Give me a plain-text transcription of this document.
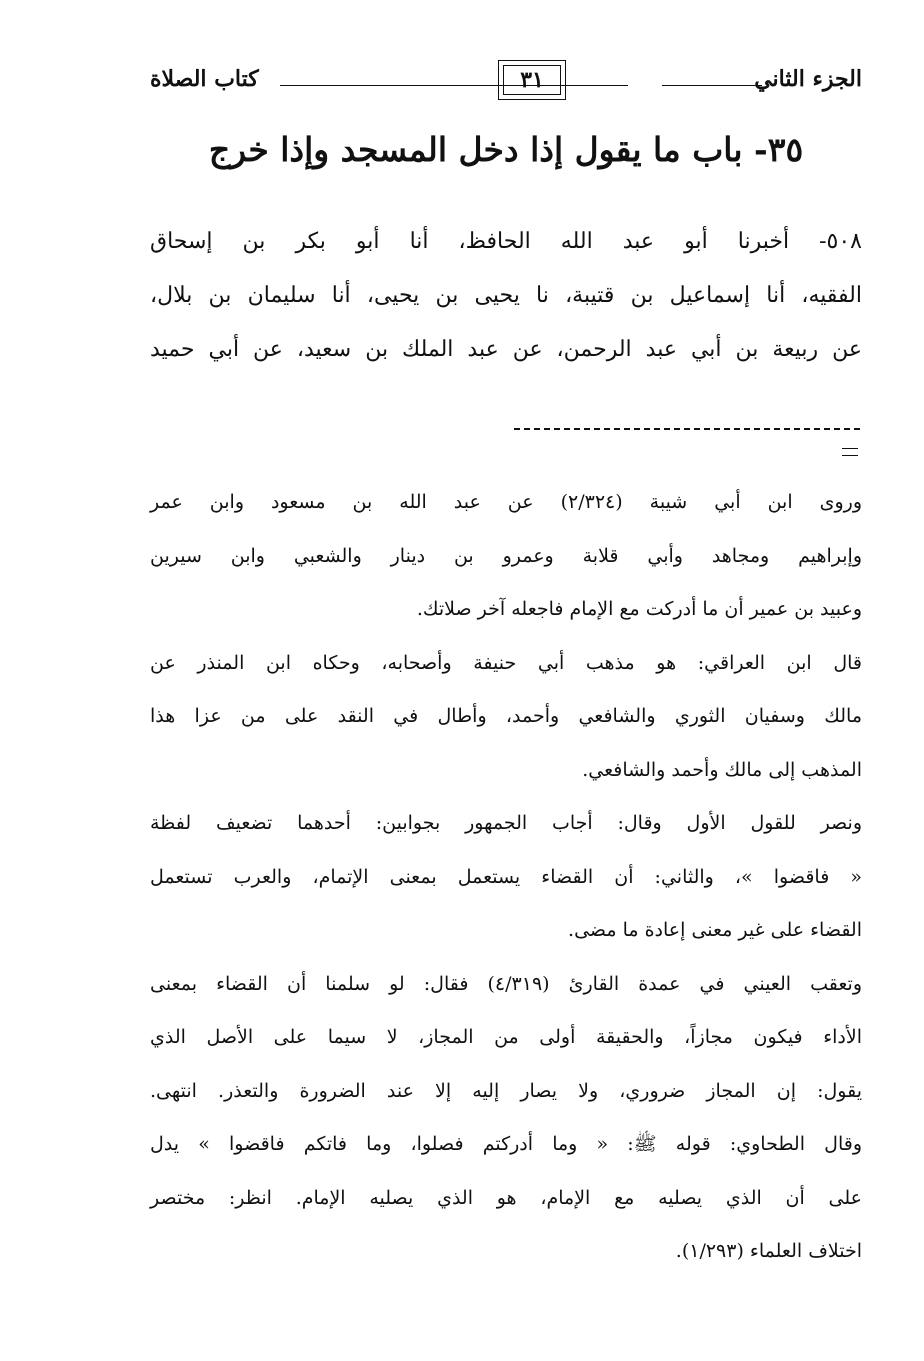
الجزء الثاني
٣١
كتاب الصلاة
٣٥- باب ما يقول إذا دخل المسجد وإذا خرج
٥٠٨- أخبرنا أبو عبد الله الحافظ، أنا أبو بكر بن إسحاق
الفقيه، أنا إسماعيل بن قتيبة، نا يحيى بن يحيى، أنا سليمان بن بلال،
عن ربيعة بن أبي عبد الرحمن، عن عبد الملك بن سعيد، عن أبي حميد
وروى ابن أبي شيبة (٢/٣٢٤) عن عبد الله بن مسعود وابن عمر
وإبراهيم ومجاهد وأبي قلابة وعمرو بن دينار والشعبي وابن سيرين
وعبيد بن عمير أن ما أدركت مع الإمام فاجعله آخر صلاتك.
قال ابن العراقي: هو مذهب أبي حنيفة وأصحابه، وحكاه ابن المنذر عن
مالك وسفيان الثوري والشافعي وأحمد، وأطال في النقد على من عزا هذا
المذهب إلى مالك وأحمد والشافعي.
ونصر للقول الأول وقال: أجاب الجمهور بجوابين: أحدهما تضعيف لفظة
« فاقضوا »، والثاني: أن القضاء يستعمل بمعنى الإتمام، والعرب تستعمل
القضاء على غير معنى إعادة ما مضى.
وتعقب العيني في عمدة القارئ (٤/٣١٩) فقال: لو سلمنا أن القضاء بمعنى
الأداء فيكون مجازاً، والحقيقة أولى من المجاز، لا سيما على الأصل الذي
يقول: إن المجاز ضروري، ولا يصار إليه إلا عند الضرورة والتعذر. انتهى.
وقال الطحاوي: قوله ﷺ: « وما أدركتم فصلوا، وما فاتكم فاقضوا » يدل
على أن الذي يصليه مع الإمام، هو الذي يصليه الإمام. انظر: مختصر
اختلاف العلماء (١/٢٩٣).
